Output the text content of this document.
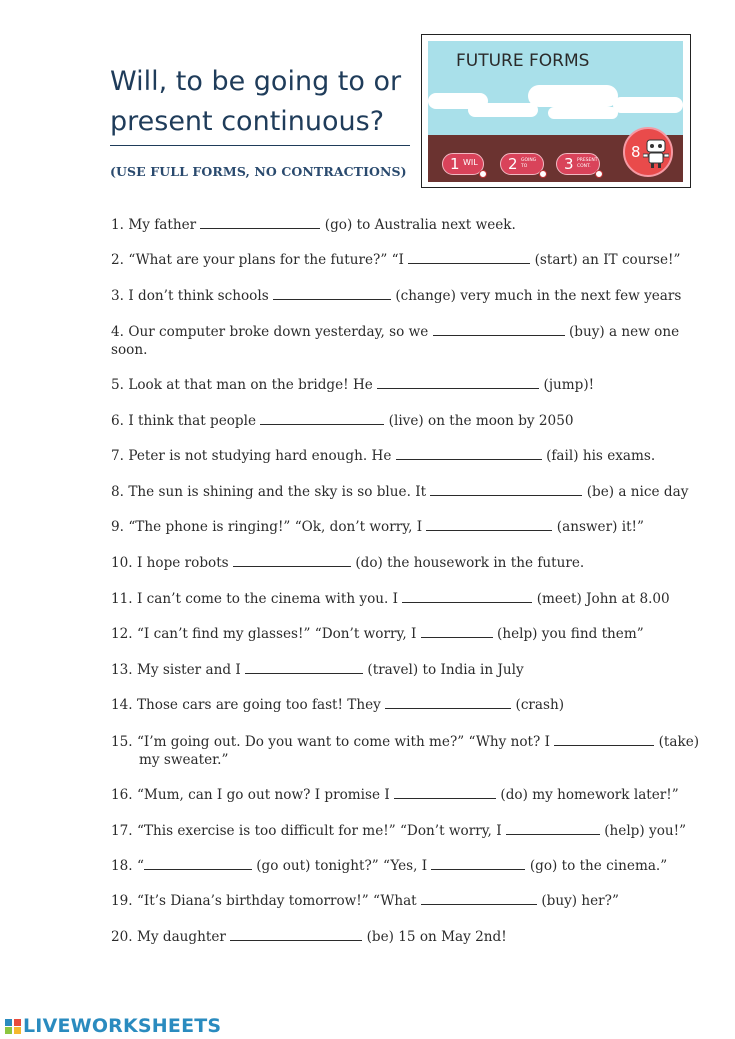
Will, to be going to or present continuous?
(USE FULL FORMS, NO CONTRACTIONS)
FUTURE FORMS
1 WIL 2 GOING TO	3 PRESENT CONT.
8
1. My father	(go) to Australia next week.
2. “What are your plans for the future?” “I	(start) an IT course!”
3. I don’t think schools	(change) very much in the next few years
4. Our computer broke down yesterday, so we	(buy) a new one
soon.
5. Look at that man on the bridge! He	(jump)!
6. I think that people	(live) on the moon by 2050
7. Peter is not studying hard enough. He	(fail) his exams.
8. The sun is shining and the sky is so blue. It	(be) a nice day
9. “The phone is ringing!” “Ok, don’t worry, I	(answer) it!”
10. I hope robots	(do) the housework in the future.
11. I can’t come to the cinema with you. I	(meet) John at 8.00
12. “I can’t find my glasses!” “Don’t worry, I	(help) you find them”
13. My sister and I	(travel) to India in July
14. Those cars are going too fast! They	(crash)
15. “I’m going out. Do you want to come with me?” “Why not? I	(take)
my sweater.”
16. “Mum, can I go out now? I promise I	(do) my homework later!”
17. “This exercise is too difficult for me!” “Don’t worry, I	(help) you!”
18. “	(go out) tonight?” “Yes, I	(go) to the cinema.”
19. “It’s Diana’s birthday tomorrow!” “What	(buy) her?”
20. My daughter	(be) 15 on May 2nd!
LIVEWORKSHEETS
